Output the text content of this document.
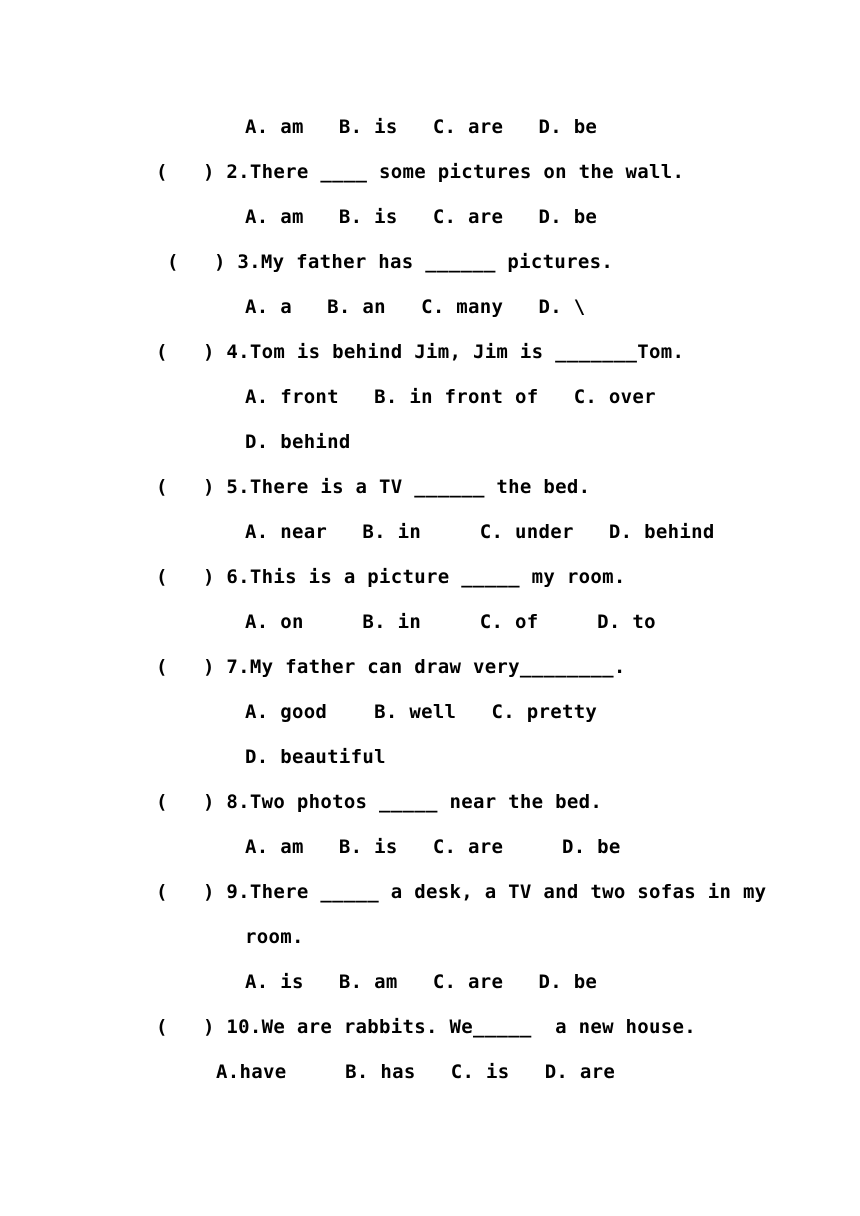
A. am   B. is   C. are   D. be
(   ) 2.There ____ some pictures on the wall.
A. am   B. is   C. are   D. be
(   ) 3.My father has ______ pictures.
A. a   B. an   C. many   D. \
(   ) 4.Tom is behind Jim, Jim is _______Tom.
A. front   B. in front of   C. over
D. behind
(   ) 5.There is a TV ______ the bed.
A. near   B. in     C. under   D. behind
(   ) 6.This is a picture _____ my room.
A. on     B. in     C. of     D. to
(   ) 7.My father can draw very________.
A. good    B. well   C. pretty
D. beautiful
(   ) 8.Two photos _____ near the bed.
A. am   B. is   C. are     D. be
(   ) 9.There _____ a desk, a TV and two sofas in my
room.
A. is   B. am   C. are   D. be
(   ) 10.We are rabbits. We_____  a new house.
A.have     B. has   C. is   D. are
